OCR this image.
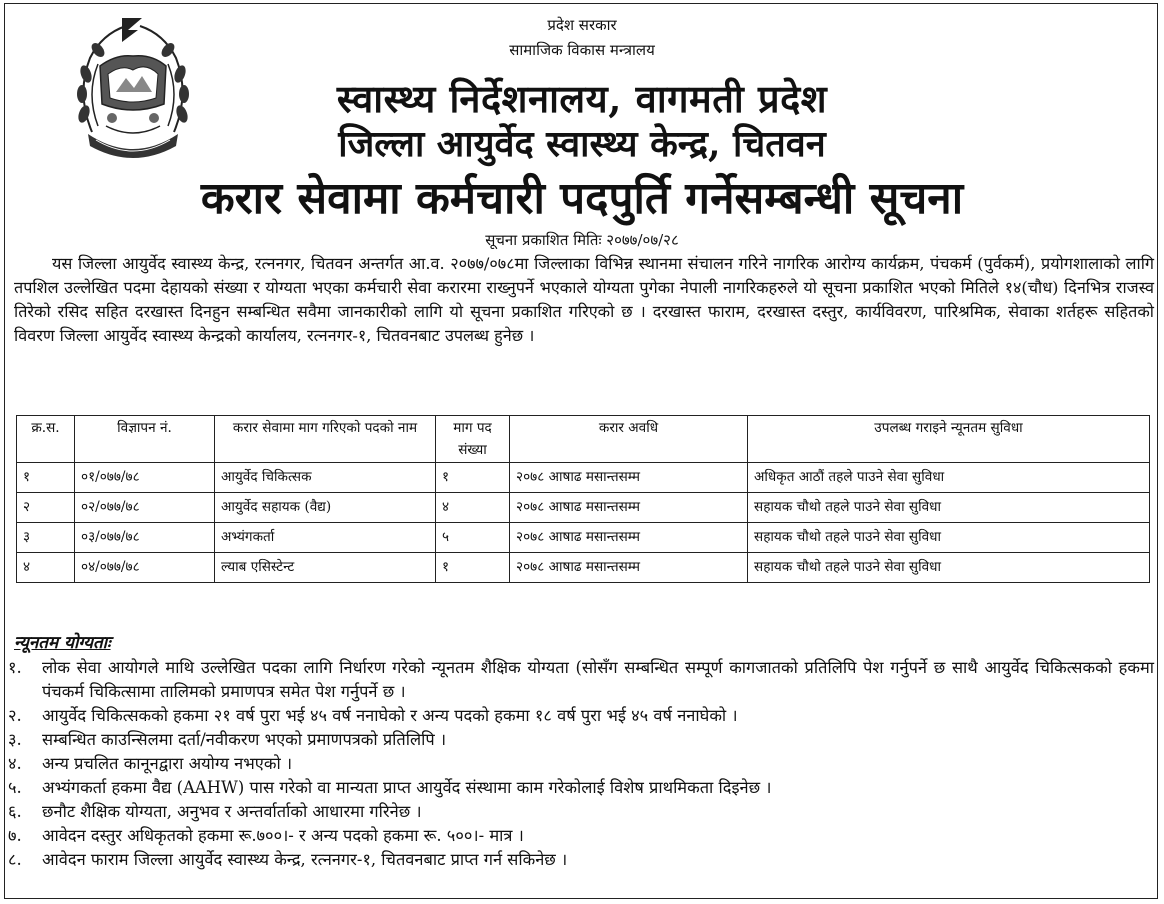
प्रदेश सरकार
सामाजिक विकास मन्त्रालय
स्वास्थ्य निर्देशनालय, वागमती प्रदेश
जिल्ला आयुर्वेद स्वास्थ्य केन्द्र, चितवन
करार सेवामा कर्मचारी पदपुर्ति गर्नेसम्बन्धी सूचना
सूचना प्रकाशित मितिः २०७७/०७/२८
यस जिल्ला आयुर्वेद स्वास्थ्य केन्द्र, रत्ननगर, चितवन अन्तर्गत आ.व. २०७७/०७८मा जिल्लाका विभिन्न स्थानमा संचालन गरिने नागरिक आरोग्य कार्यक्रम, पंचकर्म (पुर्वकर्म), प्रयोगशालाको लागि तपशिल उल्लेखित पदमा देहायको संख्या र योग्यता भएका कर्मचारी सेवा करारमा राख्नुपर्ने भएकाले योग्यता पुगेका नेपाली नागरिकहरुले यो सूचना प्रकाशित भएको मितिले १४(चौध) दिनभित्र राजस्व तिरेको रसिद सहित दरखास्त दिनहुन सम्बन्धित सवैमा जानकारीको लागि यो सूचना प्रकाशित गरिएको छ । दरखास्त फाराम, दरखास्त दस्तुर, कार्यविवरण, पारिश्रमिक, सेवाका शर्तहरू सहितको विवरण जिल्ला आयुर्वेद स्वास्थ्य केन्द्रको कार्यालय, रत्ननगर-१, चितवनबाट उपलब्ध हुनेछ ।
क्र.स.	विज्ञापन नं.	करार सेवामा माग गरिएको पदको नाम	माग पद संख्या	करार अवधि	उपलब्ध गराइने न्यूनतम सुविधा
१	०१/०७७/७८	आयुर्वेद चिकित्सक	१	२०७८ आषाढ मसान्तसम्म	अधिकृत आठौं तहले पाउने सेवा सुविधा
२	०२/०७७/७८	आयुर्वेद सहायक (वैद्य)	४	२०७८ आषाढ मसान्तसम्म	सहायक चौथो तहले पाउने सेवा सुविधा
३	०३/०७७/७८	अभ्यंगकर्ता	५	२०७८ आषाढ मसान्तसम्म	सहायक चौथो तहले पाउने सेवा सुविधा
४	०४/०७७/७८	ल्याब एसिस्टेन्ट	१	२०७८ आषाढ मसान्तसम्म	सहायक चौथो तहले पाउने सेवा सुविधा
न्यूनतम योग्यताः
१.	लोक सेवा आयोगले माथि उल्लेखित पदका लागि निर्धारण गरेको न्यूनतम शैक्षिक योग्यता (सोसँग सम्बन्धित सम्पूर्ण कागजातको प्रतिलिपि पेश गर्नुपर्ने छ साथै आयुर्वेद चिकित्सकको हकमा पंचकर्म चिकित्सामा तालिमको प्रमाणपत्र समेत पेश गर्नुपर्ने छ ।
२.	आयुर्वेद चिकित्सकको हकमा २१ वर्ष पुरा भई ४५ वर्ष ननाघेको र अन्य पदको हकमा १८ वर्ष पुरा भई ४५ वर्ष ननाघेको ।
३.	सम्बन्धित काउन्सिलमा दर्ता/नवीकरण भएको प्रमाणपत्रको प्रतिलिपि ।
४.	अन्य प्रचलित कानूनद्वारा अयोग्य नभएको ।
५.	अभ्यंगकर्ता हकमा वैद्य (AAHW) पास गरेको वा मान्यता प्राप्त आयुर्वेद संस्थामा काम गरेकोलाई विशेष प्राथमिकता दिइनेछ ।
६.	छनौट शैक्षिक योग्यता, अनुभव र अन्तर्वार्ताको आधारमा गरिनेछ ।
७.	आवेदन दस्तुर अधिकृतको हकमा रू.७००।- र अन्य पदको हकमा रू. ५००।- मात्र ।
८.	आवेदन फाराम जिल्ला आयुर्वेद स्वास्थ्य केन्द्र, रत्ननगर-१, चितवनबाट प्राप्त गर्न सकिनेछ ।
